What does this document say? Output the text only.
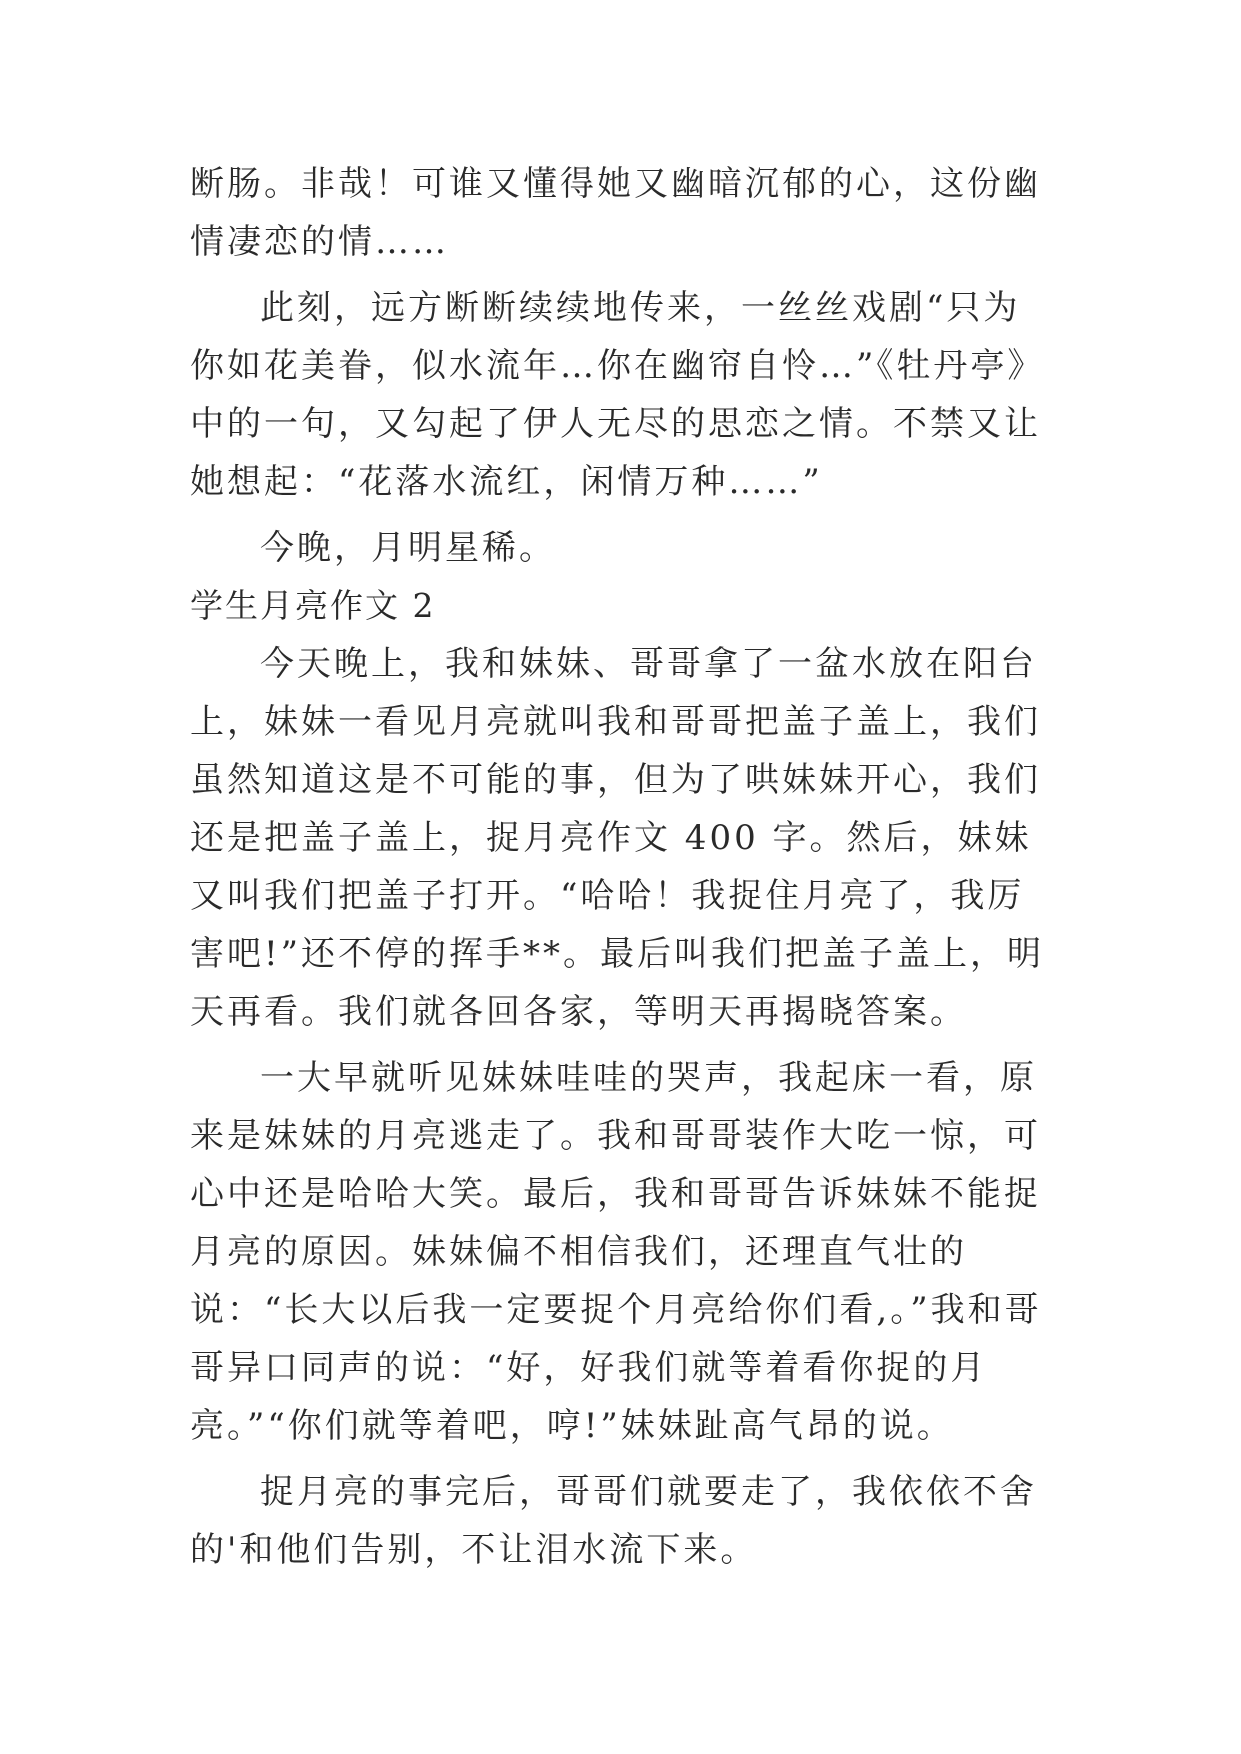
断肠。非哉！可谁又懂得她又幽暗沉郁的心，这份幽情凄恋的情……

此刻，远方断断续续地传来，一丝丝戏剧“只为你如花美眷，似水流年…你在幽帘自怜…”《牡丹亭》中的一句，又勾起了伊人无尽的思恋之情。不禁又让她想起：“花落水流红，闲情万种……”

今晚，月明星稀。

学生月亮作文 2

今天晚上，我和妹妹、哥哥拿了一盆水放在阳台上，妹妹一看见月亮就叫我和哥哥把盖子盖上，我们虽然知道这是不可能的事，但为了哄妹妹开心，我们还是把盖子盖上，捉月亮作文 400 字。然后，妹妹又叫我们把盖子打开。“哈哈！我捉住月亮了，我厉害吧!”还不停的挥手**。最后叫我们把盖子盖上，明天再看。我们就各回各家，等明天再揭晓答案。

一大早就听见妹妹哇哇的哭声，我起床一看，原来是妹妹的月亮逃走了。我和哥哥装作大吃一惊，可心中还是哈哈大笑。最后，我和哥哥告诉妹妹不能捉月亮的原因。妹妹偏不相信我们，还理直气壮的说：“长大以后我一定要捉个月亮给你们看,。”我和哥哥异口同声的说：“好，好我们就等着看你捉的月亮。”“你们就等着吧，哼!”妹妹趾高气昂的说。

捉月亮的事完后，哥哥们就要走了，我依依不舍的'和他们告别，不让泪水流下来。
